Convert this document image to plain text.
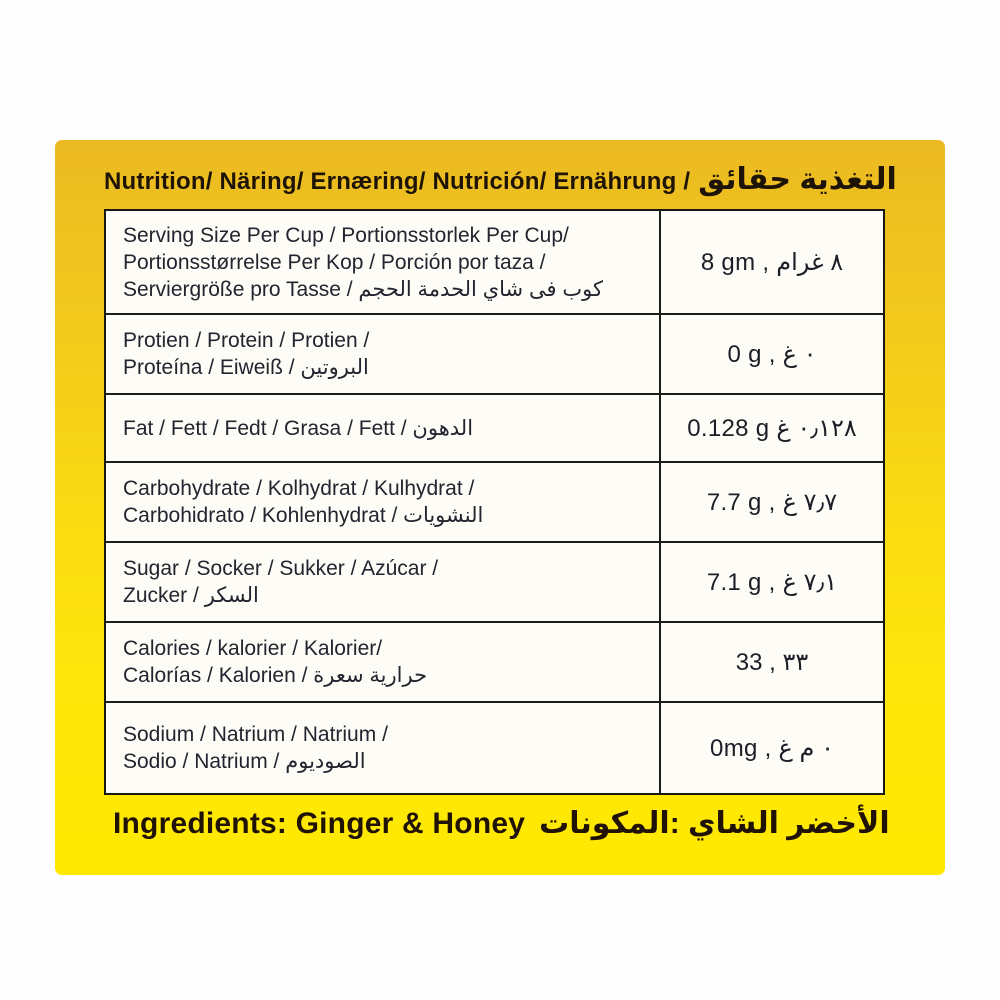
Nutrition/ Näring/ Ernæring/ Nutrición/ Ernährung / التغذية حقائق
Serving Size Per Cup / Portionsstorlek Per Cup/
Portionsstørrelse Per Kop / Porción por taza /
Serviergröße pro Tasse / كوب فى شاي الحدمة الحجم
8 gm , ٨ غرام
Protien / Protein / Protien /
Proteína / Eiweiß / البروتين	0 g , ٠ غ
Fat / Fett / Fedt / Grasa / Fett / الدهون	0.128 g ٠٫١٢٨ غ
Carbohydrate / Kolhydrat / Kulhydrat /
Carbohidrato / Kohlenhydrat / النشويات	7.7 g , ٧٫٧ غ
Sugar / Socker / Sukker / Azúcar /
Zucker / السكر	7.1 g , ٧٫١ غ
Calories / kalorier / Kalorier/
Calorías / Kalorien / حرارية سعرة	33 , ٣٣
Sodium / Natrium / Natrium /
Sodio / Natrium / الصوديوم	0mg , ٠ م غ
Ingredients: Ginger & Honey الأخضر الشاي :المكونات
